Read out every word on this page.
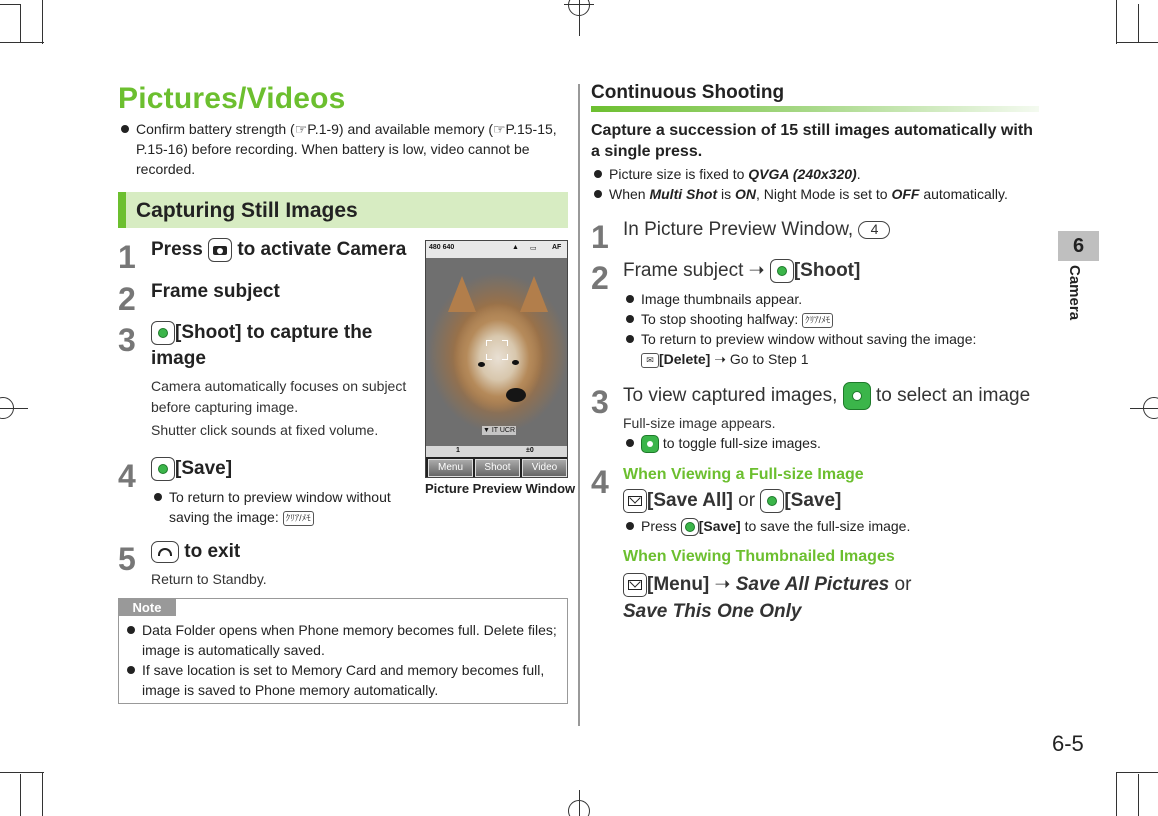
Pictures/Videos
Confirm battery strength (☞P.1-9) and available memory (☞P.15-15, P.15-16) before recording. When battery is low, video cannot be recorded.
Capturing Still Images
1 Press to activate Camera
2 Frame subject
3	[Shoot] to capture the
image
Camera automatically focuses on subject
before capturing image.
Shutter click sounds at fixed volume.
4	[Save]
To return to preview window without
saving the image: ｸﾘｱ/ﾒﾓ
5	to exit
Return to Standby.
480 640	▲ ▭ AF
▼ IT UCR
1	±0
Menu	Shoot	Video
Picture Preview Window
Note
Data Folder opens when Phone memory becomes full. Delete files; image is automatically saved.
If save location is set to Memory Card and memory becomes full, image is saved to Phone memory automatically.
Continuous Shooting
Capture a succession of 15 still images automatically with a single press.
Picture size is fixed to QVGA (240x320).
When Multi Shot is ON, Night Mode is set to OFF automatically.
1 In Picture Preview Window, 4
2 Frame subject ➝ [Shoot]
Image thumbnails appear.
To stop shooting halfway: ｸﾘｱ/ﾒﾓ
To return to preview window without saving the image:
✉ [Delete] ➝ Go to Step 1
3 To view captured images, to select an image
Full-size image appears.
to toggle full-size images.
4 When Viewing a Full-size Image
[Save All] or [Save]
Press [Save] to save the full-size image.
When Viewing Thumbnailed Images
[Menu] ➝ Save All Pictures or
Save This One Only
6
Camera
6-5
